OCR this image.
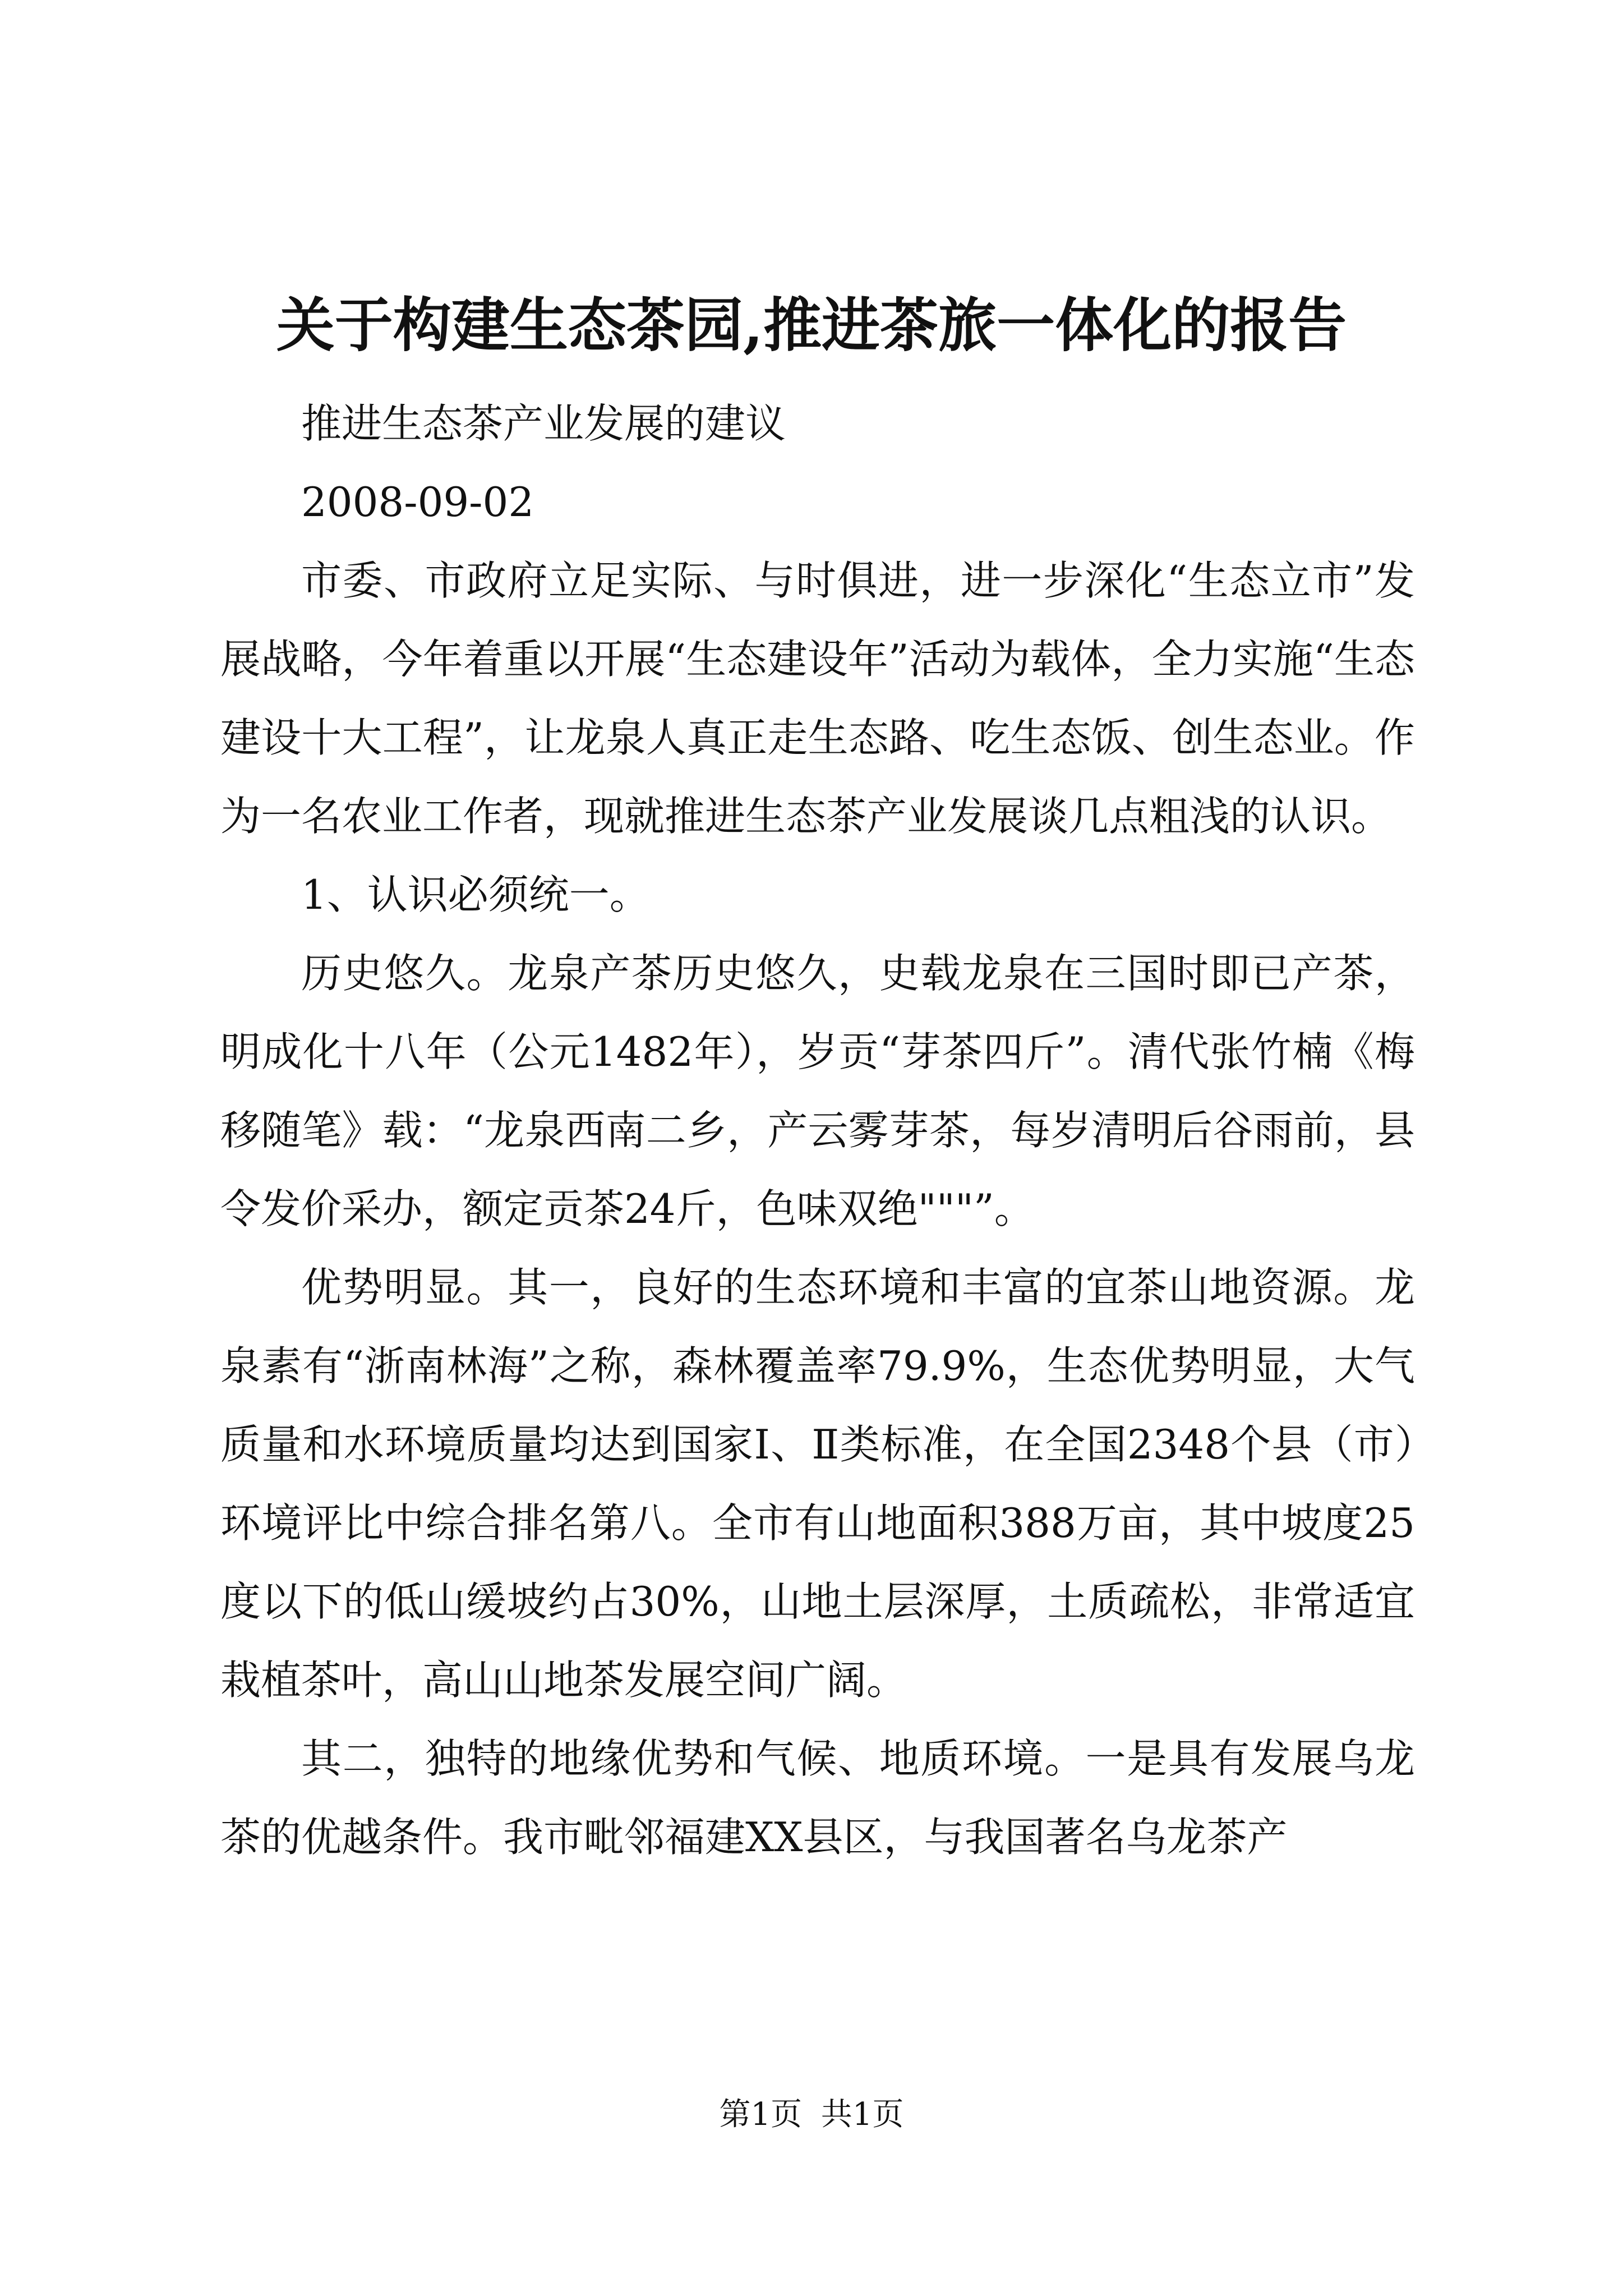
关于构建生态茶园,推进茶旅一体化的报告

推进生态茶产业发展的建议

2008-09-02

市委、市政府立足实际、与时俱进，进一步深化“生态立市”发展战略，今年着重以开展“生态建设年”活动为载体，全力实施“生态建设十大工程”，让龙泉人真正走生态路、吃生态饭、创生态业。作为一名农业工作者，现就推进生态茶产业发展谈几点粗浅的认识。

1、认识必须统一。

历史悠久。龙泉产茶历史悠久，史载龙泉在三国时即已产茶，明成化十八年（公元1482年），岁贡“芽茶四斤”。清代张竹楠《梅移随笔》载：“龙泉西南二乡，产云雾芽茶，每岁清明后谷雨前，县令发价采办，额定贡茶24斤，色味双绝"""”。

优势明显。其一，良好的生态环境和丰富的宜茶山地资源。龙泉素有“浙南林海”之称，森林覆盖率79.9%，生态优势明显，大气质量和水环境质量均达到国家Ⅰ、Ⅱ类标准，在全国2348个县（市）环境评比中综合排名第八。全市有山地面积388万亩，其中坡度25度以下的低山缓坡约占30%，山地土层深厚，土质疏松，非常适宜栽植茶叶，高山山地茶发展空间广阔。

其二，独特的地缘优势和气候、地质环境。一是具有发展乌龙茶的优越条件。我市毗邻福建XX县区，与我国著名乌龙茶产

第1页 共1页
